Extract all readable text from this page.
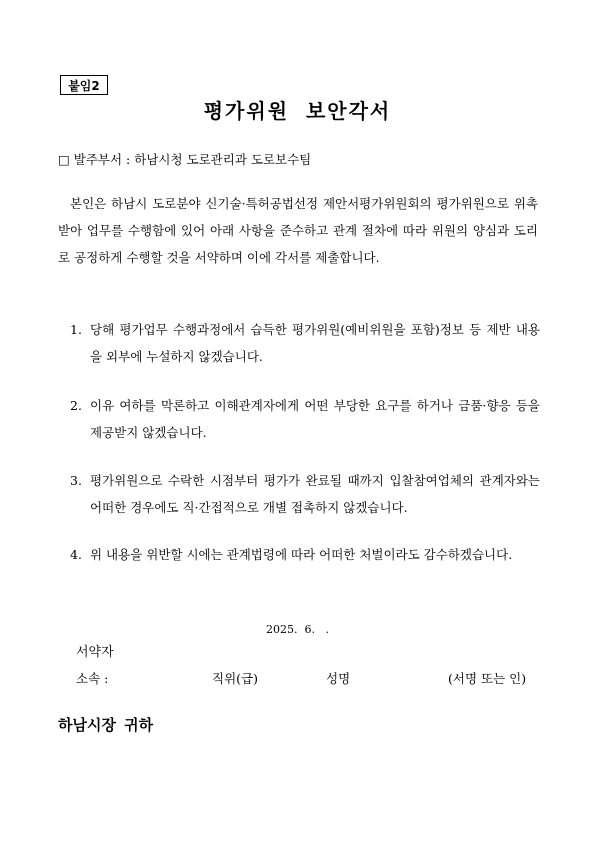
붙임2
평가위원 보안각서
□ 발주부서 : 하남시청 도로관리과 도로보수팀
본인은 하남시 도로분야 신기술·특허공법선정 제안서평가위원회의 평가위원으로 위촉받아 업무를 수행함에 있어 아래 사항을 준수하고 관계 절차에 따라 위원의 양심과 도리로 공정하게 수행할 것을 서약하며 이에 각서를 제출합니다.
1. 당해 평가업무 수행과정에서 습득한 평가위원(예비위원을 포함)정보 등 제반 내용을 외부에 누설하지 않겠습니다.
2. 이유 여하를 막론하고 이해관계자에게 어떤 부당한 요구를 하거나 금품·향응 등을 제공받지 않겠습니다.
3. 평가위원으로 수락한 시점부터 평가가 완료될 때까지 입찰참여업체의 관계자와는 어떠한 경우에도 직·간접적으로 개별 접촉하지 않겠습니다.
4. 위 내용을 위반할 시에는 관계법령에 따라 어떠한 처벌이라도 감수하겠습니다.
2025.  6.   .
서약자
소속 :	직위(급)	성명	(서명 또는 인)
하남시장 귀하
